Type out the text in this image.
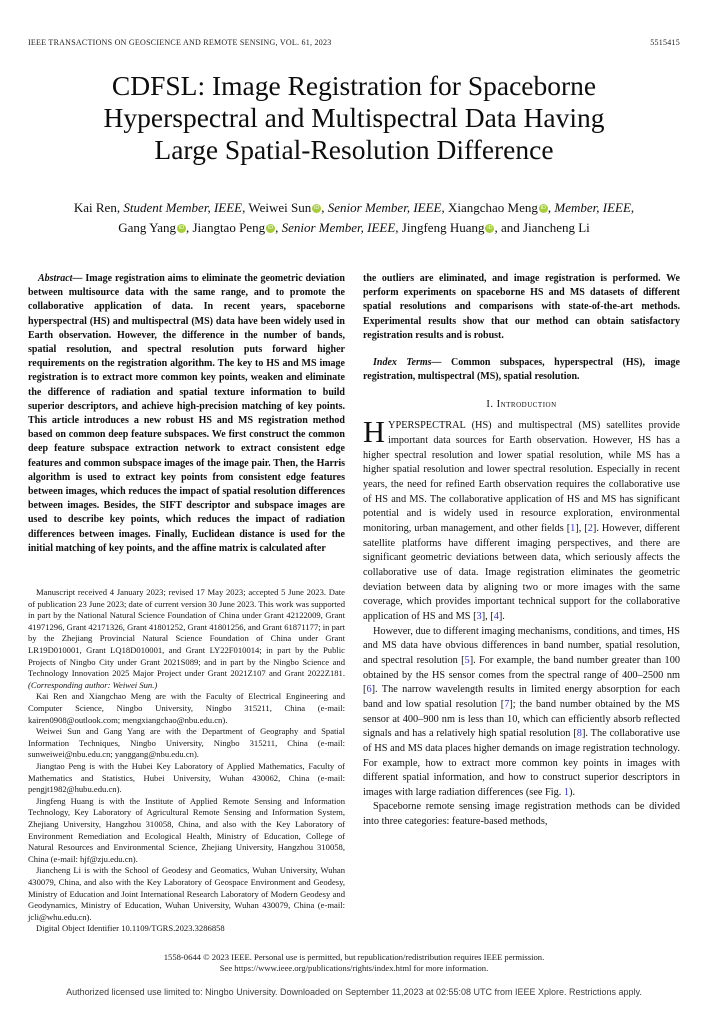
IEEE TRANSACTIONS ON GEOSCIENCE AND REMOTE SENSING, VOL. 61, 2023	5515415
CDFSL: Image Registration for Spaceborne
Hyperspectral and Multispectral Data Having
Large Spatial-Resolution Difference
Kai Ren, Student Member, IEEE, Weiwei Sun iD , Senior Member, IEEE, Xiangchao Meng iD , Member, IEEE,
Gang Yang iD , Jiangtao Peng iD , Senior Member, IEEE, Jingfeng Huang iD , and Jiancheng Li

Abstract— Image registration aims to eliminate the geometric deviation between multisource data with the same range, and to promote the collaborative application of data. In recent years, spaceborne hyperspectral (HS) and multispectral (MS) data have been widely used in Earth observation. However, the difference in the number of bands, spatial resolution, and spectral resolution puts forward higher requirements on the registration algorithm. The key to HS and MS image registration is to extract more common key points, weaken and eliminate the difference of radiation and spatial texture information to build superior descriptors, and achieve high-precision matching of key points. This article introduces a new robust HS and MS registration method based on common deep feature subspaces. We first construct the common deep feature subspace extraction network to extract consistent edge features and common subspace images of the image pair. Then, the Harris algorithm is used to extract key points from consistent edge features between images, which reduces the impact of spatial resolution differences between images. Besides, the SIFT descriptor and subspace images are used to describe key points, which reduces the impact of radiation differences between images. Finally, Euclidean distance is used for the initial matching of key points, and the affine matrix is calculated after

Manuscript received 4 January 2023; revised 17 May 2023; accepted 5 June 2023. Date of publication 23 June 2023; date of current version 30 June 2023. This work was supported in part by the National Natural Science Foundation of China under Grant 42122009, Grant 41971296, Grant 42171326, Grant 41801252, Grant 41801256, and Grant 61871177; in part by the Zhejiang Provincial Natural Science Foundation of China under Grant LR19D010001, Grant LQ18D010001, and Grant LY22F010014; in part by the Public Projects of Ningbo City under Grant 2021S089; and in part by the Ningbo Science and Technology Innovation 2025 Major Project under Grant 2021Z107 and Grant 2022Z181. (Corresponding author: Weiwei Sun.)

Kai Ren and Xiangchao Meng are with the Faculty of Electrical Engineering and Computer Science, Ningbo University, Ningbo 315211, China (e-mail: kairen0908@outlook.com; mengxiangchao@nbu.edu.cn).

Weiwei Sun and Gang Yang are with the Department of Geography and Spatial Information Techniques, Ningbo University, Ningbo 315211, China (e-mail: sunweiwei@nbu.edu.cn; yanggang@nbu.edu.cn).

Jiangtao Peng is with the Hubei Key Laboratory of Applied Mathematics, Faculty of Mathematics and Statistics, Hubei University, Wuhan 430062, China (e-mail: pengjt1982@hubu.edu.cn).

Jingfeng Huang is with the Institute of Applied Remote Sensing and Information Technology, Key Laboratory of Agricultural Remote Sensing and Information System, Zhejiang University, Hangzhou 310058, China, and also with the Key Laboratory of Environment Remediation and Ecological Health, Ministry of Education, College of Natural Resources and Environmental Science, Zhejiang University, Hangzhou 310058, China (e-mail: hjf@zju.edu.cn).

Jiancheng Li is with the School of Geodesy and Geomatics, Wuhan University, Wuhan 430079, China, and also with the Key Laboratory of Geospace Environment and Geodesy, Ministry of Education and Joint International Research Laboratory of Modern Geodesy and Geodynamics, Ministry of Education, Wuhan University, Wuhan 430079, China (e-mail: jcli@whu.edu.cn).

Digital Object Identifier 10.1109/TGRS.2023.3286858

the outliers are eliminated, and image registration is performed. We perform experiments on spaceborne HS and MS datasets of different spatial resolutions and comparisons with state-of-the-art methods. Experimental results show that our method can obtain satisfactory registration results and is robust.

Index Terms— Common subspaces, hyperspectral (HS), image registration, multispectral (MS), spatial resolution.

I. Introduction

HYPERSPECTRAL (HS) and multispectral (MS) satellites provide important data sources for Earth observation. However, HS has a higher spectral resolution and lower spatial resolution, while MS has a higher spatial resolution and lower spectral resolution. Especially in recent years, the need for refined Earth observation requires the collaborative use of HS and MS. The collaborative application of HS and MS has significant potential and is widely used in resource exploration, environmental monitoring, urban management, and other fields [1], [2]. However, different satellite platforms have different imaging perspectives, and there are significant geometric deviations between data, which seriously affects the collaborative use of data. Image registration eliminates the geometric deviation between data by aligning two or more images with the same coverage, which provides important technical support for the collaborative application of HS and MS [3], [4].

However, due to different imaging mechanisms, conditions, and times, HS and MS data have obvious differences in band number, spatial resolution, and spectral resolution [5]. For example, the band number greater than 100 obtained by the HS sensor comes from the spectral range of 400–2500 nm [6]. The narrow wavelength results in limited energy absorption for each band and low spatial resolution [7]; the band number obtained by the MS sensor at 400–900 nm is less than 10, which can efficiently absorb reflected signals and has a relatively high spatial resolution [8]. The collaborative use of HS and MS data places higher demands on image registration technology. For example, how to extract more common key points in images with different spatial information, and how to construct superior descriptors in images with large radiation differences (see Fig. 1).

Spaceborne remote sensing image registration methods can be divided into three categories: feature-based methods,

1558-0644 © 2023 IEEE. Personal use is permitted, but republication/redistribution requires IEEE permission.
See https://www.ieee.org/publications/rights/index.html for more information.
Authorized licensed use limited to: Ningbo University. Downloaded on September 11,2023 at 02:55:08 UTC from IEEE Xplore. Restrictions apply.
